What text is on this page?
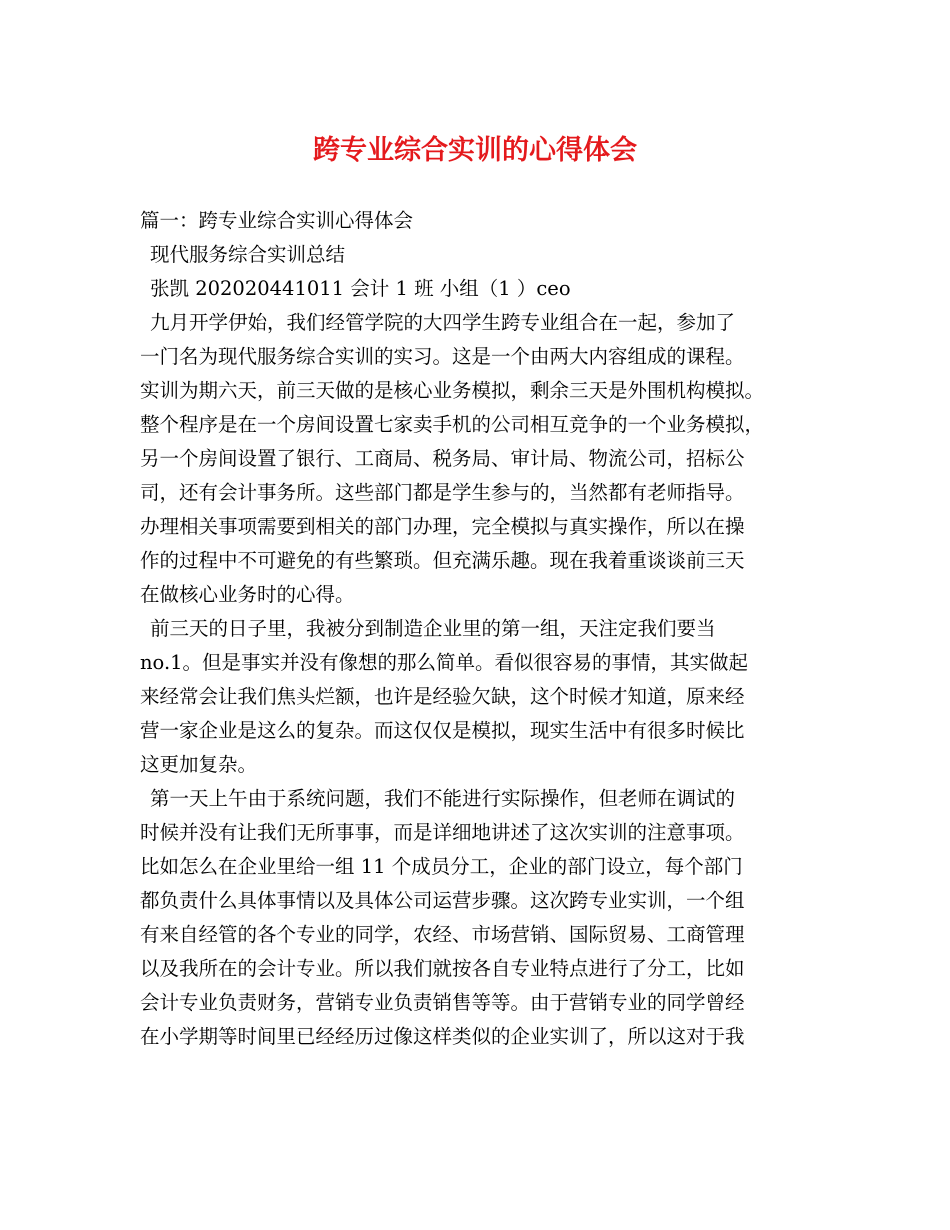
跨专业综合实训的心得体会
篇一：跨专业综合实训心得体会
现代服务综合实训总结
张凯 202020441011 会计 1 班 小组（1 ）ceo
九月开学伊始，我们经管学院的大四学生跨专业组合在一起，参加了
一门名为现代服务综合实训的实习。这是一个由两大内容组成的课程。
实训为期六天，前三天做的是核心业务模拟，剩余三天是外围机构模拟。
整个程序是在一个房间设置七家卖手机的公司相互竞争的一个业务模拟，
另一个房间设置了银行、工商局、税务局、审计局、物流公司，招标公
司，还有会计事务所。这些部门都是学生参与的，当然都有老师指导。
办理相关事项需要到相关的部门办理，完全模拟与真实操作，所以在操
作的过程中不可避免的有些繁琐。但充满乐趣。现在我着重谈谈前三天
在做核心业务时的心得。
前三天的日子里，我被分到制造企业里的第一组，天注定我们要当
no.1。但是事实并没有像想的那么简单。看似很容易的事情，其实做起
来经常会让我们焦头烂额，也许是经验欠缺，这个时候才知道，原来经
营一家企业是这么的复杂。而这仅仅是模拟，现实生活中有很多时候比
这更加复杂。
第一天上午由于系统问题，我们不能进行实际操作，但老师在调试的
时候并没有让我们无所事事，而是详细地讲述了这次实训的注意事项。
比如怎么在企业里给一组 11 个成员分工，企业的部门设立，每个部门
都负责什么具体事情以及具体公司运营步骤。这次跨专业实训，一个组
有来自经管的各个专业的同学，农经、市场营销、国际贸易、工商管理
以及我所在的会计专业。所以我们就按各自专业特点进行了分工，比如
会计专业负责财务，营销专业负责销售等等。由于营销专业的同学曾经
在小学期等时间里已经经历过像这样类似的企业实训了，所以这对于我
